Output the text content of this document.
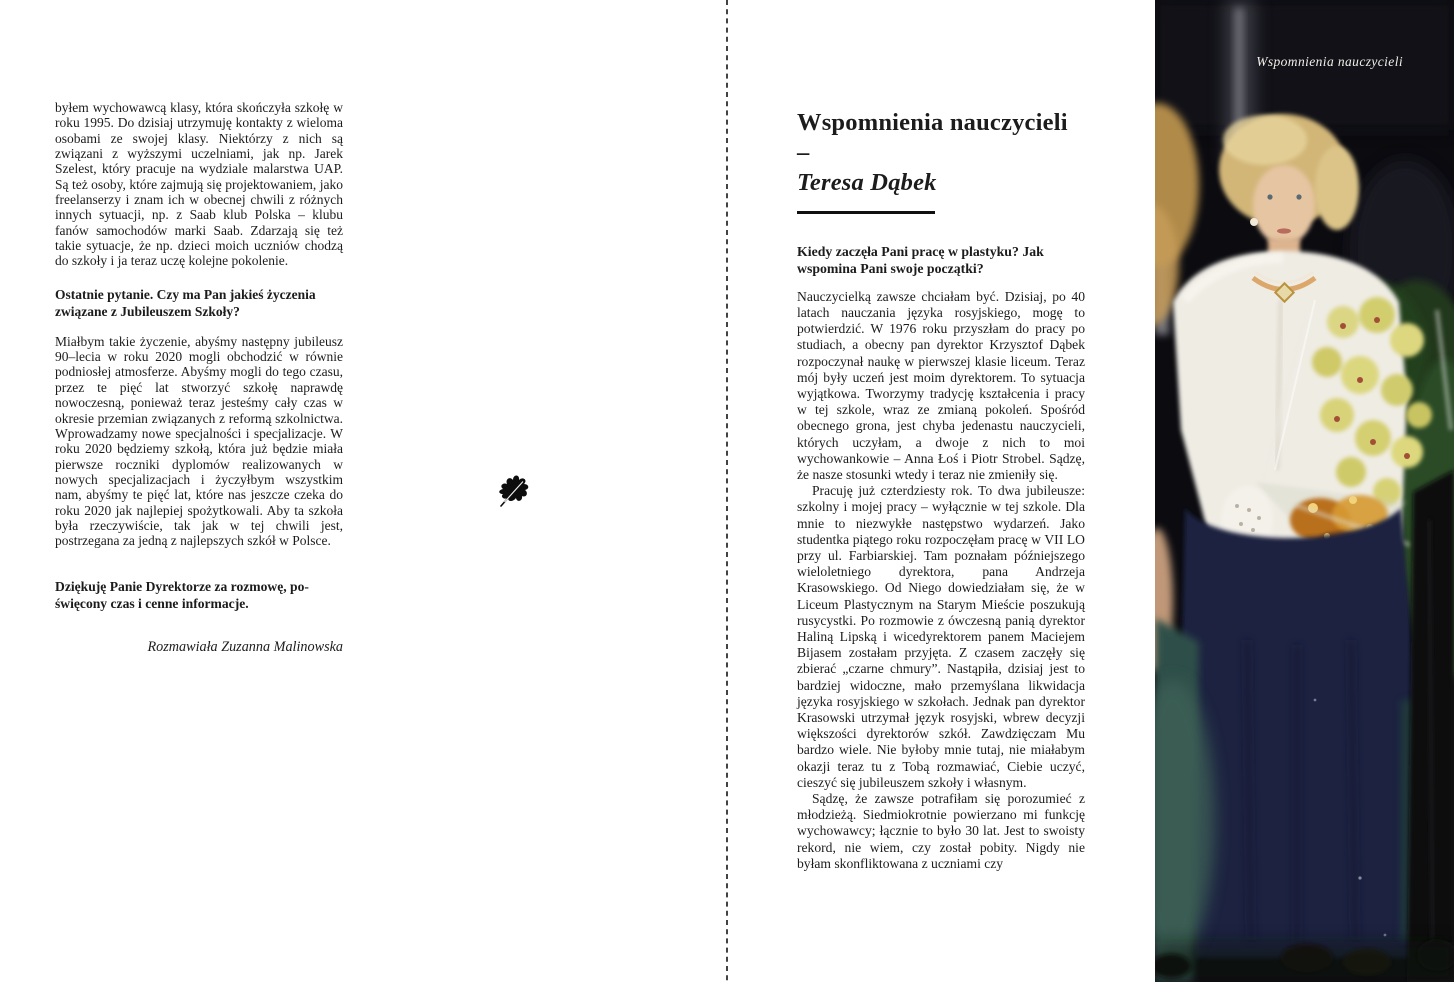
byłem wychowawcą klasy, która skończyła szkołę w roku 1995. Do dzisiaj utrzymuję kontakty z wieloma osobami ze swojej klasy. Niektórzy z nich są związani z wyższymi uczelniami, jak np. Jarek Szelest, który pracuje na wydziale malarstwa UAP. Są też osoby, które zajmują się projektowaniem, jako freelanserzy i znam ich w obecnej chwili z różnych innych sytuacji, np. z Saab klub Polska – klubu fanów samochodów marki Saab. Zdarzają się też takie sytuacje, że np. dzieci moich uczniów chodzą do szkoły i ja teraz uczę kolejne pokolenie.

Ostatnie pytanie. Czy ma Pan jakieś życzenia związane z Jubileuszem Szkoły?

Miałbym takie życzenie, abyśmy następny jubileusz 90–lecia w roku 2020 mogli obchodzić w równie podniosłej atmosferze. Abyśmy mogli do tego czasu, przez te pięć lat stworzyć szkołę naprawdę nowoczesną, ponieważ teraz jesteśmy cały czas w okresie przemian związanych z reformą szkolnictwa. Wprowadzamy nowe specjalności i specjalizacje. W roku 2020 będziemy szkołą, która już będzie miała pierwsze roczniki dyplomów realizowanych w nowych specjalizacjach i życzyłbym wszystkim nam, abyśmy te pięć lat, które nas jeszcze czeka do roku 2020 jak najlepiej spożytkowali. Aby ta szkoła była rzeczywiście, tak jak w tej chwili jest, postrzegana za jedną z najlepszych szkół w Polsce.

Dziękuję Panie Dyrektorze za rozmowę, poświęcony czas i cenne informacje.

Rozmawiała Zuzanna Malinowska

Wspomnienia nauczycieli –
Teresa Dąbek

Kiedy zaczęła Pani pracę w plastyku? Jak wspomina Pani swoje początki?

Nauczycielką zawsze chciałam być. Dzisiaj, po 40 latach nauczania języka rosyjskiego, mogę to potwierdzić. W 1976 roku przyszłam do pracy po studiach, a obecny pan dyrektor Krzysztof Dąbek rozpoczynał naukę w pierwszej klasie liceum. Teraz mój były uczeń jest moim dyrektorem. To sytuacja wyjątkowa. Tworzymy tradycję kształcenia i pracy w tej szkole, wraz ze zmianą pokoleń. Spośród obecnego grona, jest chyba jedenastu nauczycieli, których uczyłam, a dwoje z nich to moi wychowankowie – Anna Łoś i Piotr Strobel. Sądzę, że nasze stosunki wtedy i teraz nie zmieniły się.

Pracuję już czterdziesty rok. To dwa jubileusze: szkolny i mojej pracy – wyłącznie w tej szkole. Dla mnie to niezwykłe następstwo wydarzeń. Jako studentka piątego roku rozpoczęłam pracę w VII LO przy ul. Farbiarskiej. Tam poznałam późniejszego wieloletniego dyrektora, pana Andrzeja Krasowskiego. Od Niego dowiedziałam się, że w Liceum Plastycznym na Starym Mieście poszukują rusycystki. Po rozmowie z ówczesną panią dyrektor Haliną Lipską i wicedyrektorem panem Maciejem Bijasem zostałam przyjęta. Z czasem zaczęły się zbierać „czarne chmury”. Nastąpiła, dzisiaj jest to bardziej widoczne, mało przemyślana likwidacja języka rosyjskiego w szkołach. Jednak pan dyrektor Krasowski utrzymał język rosyjski, wbrew decyzji większości dyrektorów szkół. Zawdzięczam Mu bardzo wiele. Nie byłoby mnie tutaj, nie miałabym okazji teraz tu z Tobą rozmawiać, Ciebie uczyć, cieszyć się jubileuszem szkoły i własnym.

Sądzę, że zawsze potrafiłam się porozumieć z młodzieżą. Siedmiokrotnie powierzano mi funkcję wychowawcy; łącznie to było 30 lat. Jest to swoisty rekord, nie wiem, czy został pobity. Nigdy nie byłam skonfliktowana z uczniami czy

Wspomnienia nauczycieli
